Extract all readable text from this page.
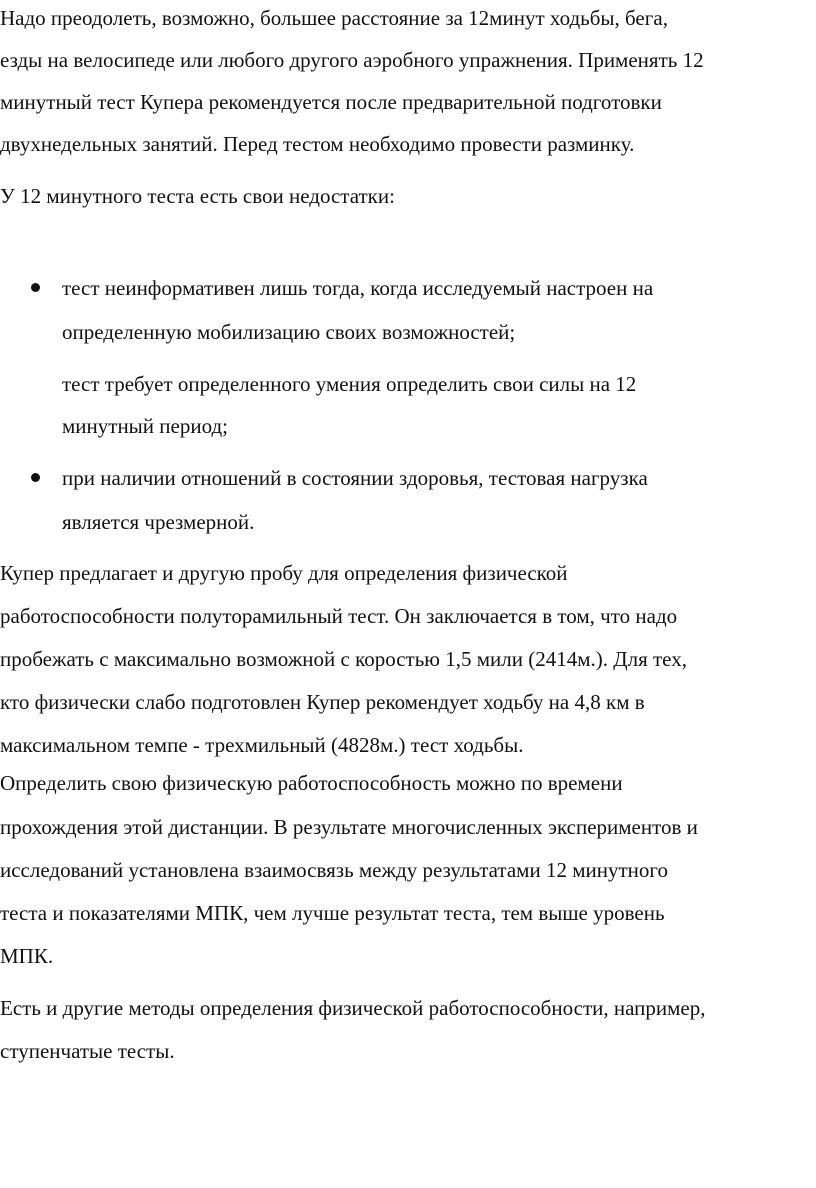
Надо преодолеть, возможно, большее расстояние за 12минут ходьбы, бега,
езды на велосипеде или любого другого аэробного упражнения. Применять 12
минутный тест Купера рекомендуется после предварительной подготовки
двухнедельных занятий. Перед тестом необходимо провести разминку.
У 12 минутного теста есть свои недостатки:
тест неинформативен лишь тогда, когда исследуемый настроен на
определенную мобилизацию своих возможностей;
тест требует определенного умения определить свои силы на 12
минутный период;
при наличии отношений в состоянии здоровья, тестовая нагрузка
является чрезмерной.
Купер предлагает и другую пробу для определения физической
работоспособности полуторамильный тест. Он заключается в том, что надо
пробежать с максимально возможной с коростью 1,5 мили (2414м.). Для тех,
кто физически слабо подготовлен Купер рекомендует ходьбу на 4,8 км в
максимальном темпе - трехмильный (4828м.) тест ходьбы.
Определить свою физическую работоспособность можно по времени
прохождения этой дистанции. В результате многочисленных экспериментов и
исследований установлена взаимосвязь между результатами 12 минутного
теста и показателями МПК, чем лучше результат теста, тем выше уровень
МПК.
Есть и другие методы определения физической работоспособности, например,
ступенчатые тесты.
